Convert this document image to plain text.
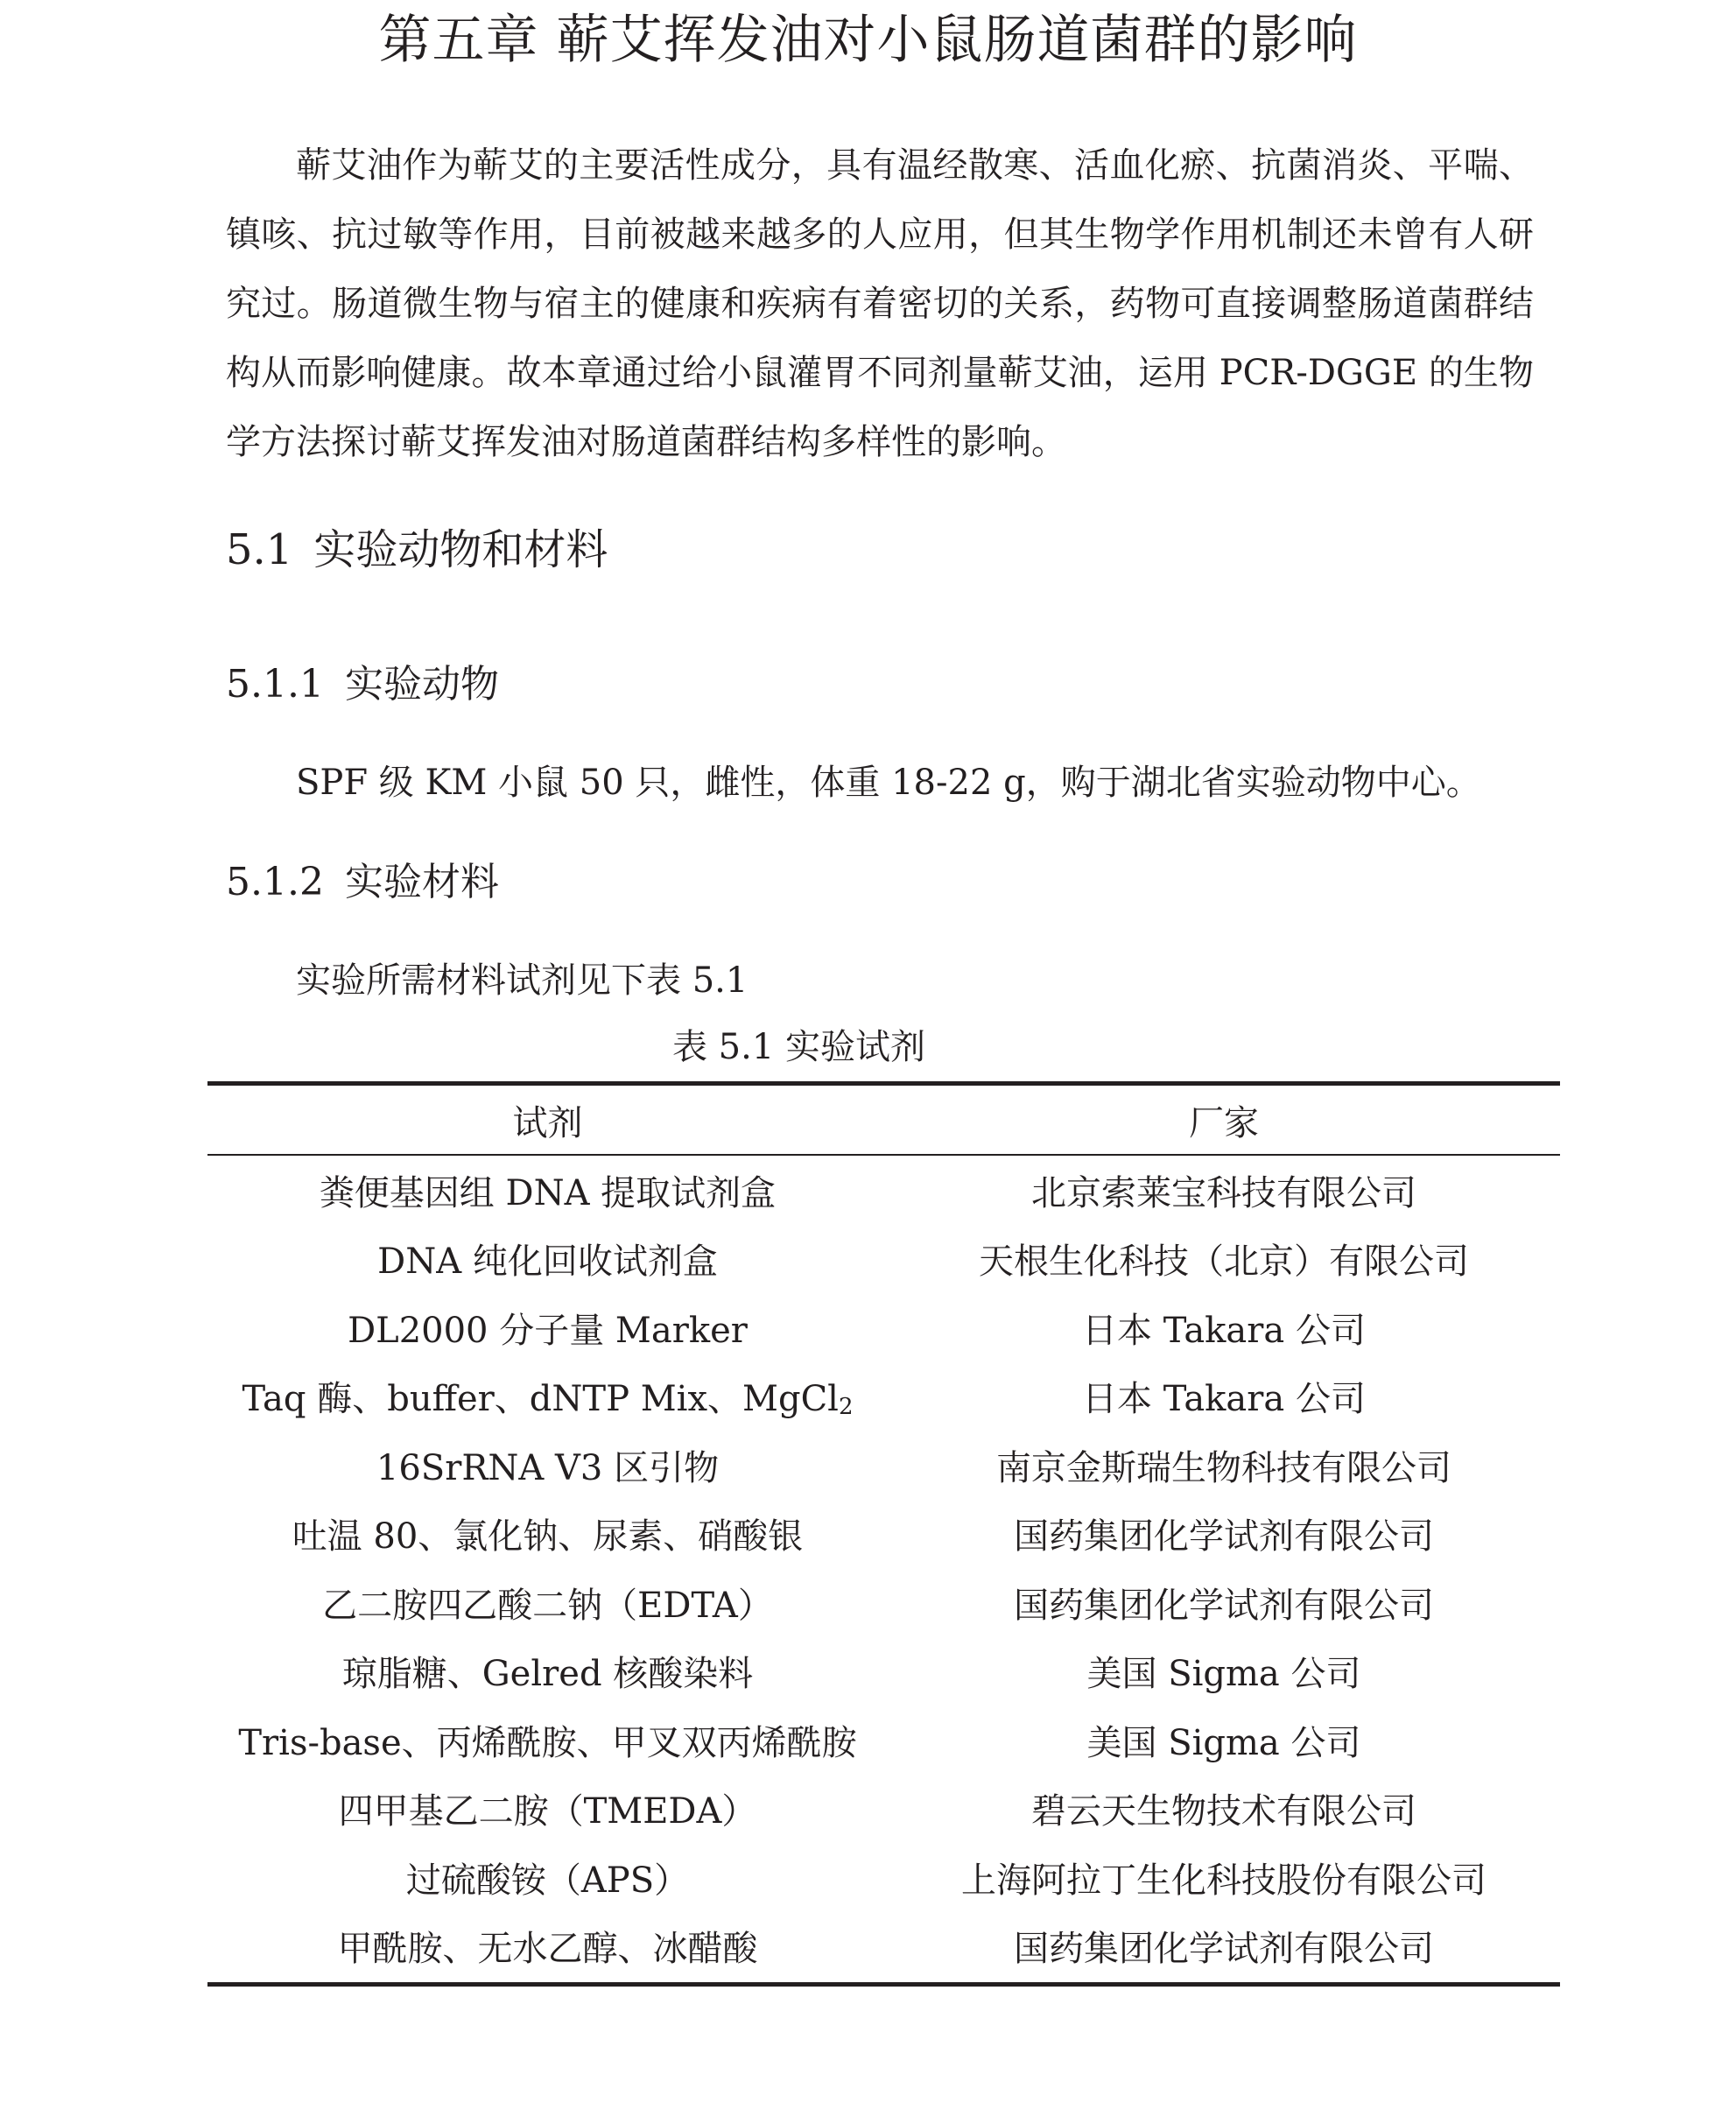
第五章 蕲艾挥发油对小鼠肠道菌群的影响

蕲艾油作为蕲艾的主要活性成分，具有温经散寒、活血化瘀、抗菌消炎、平喘、镇咳、抗过敏等作用，目前被越来越多的人应用，但其生物学作用机制还未曾有人研究过。肠道微生物与宿主的健康和疾病有着密切的关系，药物可直接调整肠道菌群结构从而影响健康。故本章通过给小鼠灌胃不同剂量蕲艾油，运用 PCR-DGGE 的生物学方法探讨蕲艾挥发油对肠道菌群结构多样性的影响。

5.1 实验动物和材料
5.1.1 实验动物
SPF 级 KM 小鼠 50 只，雌性，体重 18-22 g，购于湖北省实验动物中心。
5.1.2 实验材料
实验所需材料试剂见下表 5.1
表 5.1 实验试剂
试剂	厂家
粪便基因组 DNA 提取试剂盒	北京索莱宝科技有限公司
DNA 纯化回收试剂盒	天根生化科技（北京）有限公司
DL2000 分子量 Marker	日本 Takara 公司
Taq 酶、buffer、dNTP Mix、MgCl$_2$	日本 Takara 公司
16SrRNA V3 区引物	南京金斯瑞生物科技有限公司
吐温 80、氯化钠、尿素、硝酸银	国药集团化学试剂有限公司
乙二胺四乙酸二钠（EDTA）	国药集团化学试剂有限公司
琼脂糖、Gelred 核酸染料	美国 Sigma 公司
Tris-base、丙烯酰胺、甲叉双丙烯酰胺	美国 Sigma 公司
四甲基乙二胺（TMEDA）	碧云天生物技术有限公司
过硫酸铵（APS）	上海阿拉丁生化科技股份有限公司
甲酰胺、无水乙醇、冰醋酸	国药集团化学试剂有限公司
